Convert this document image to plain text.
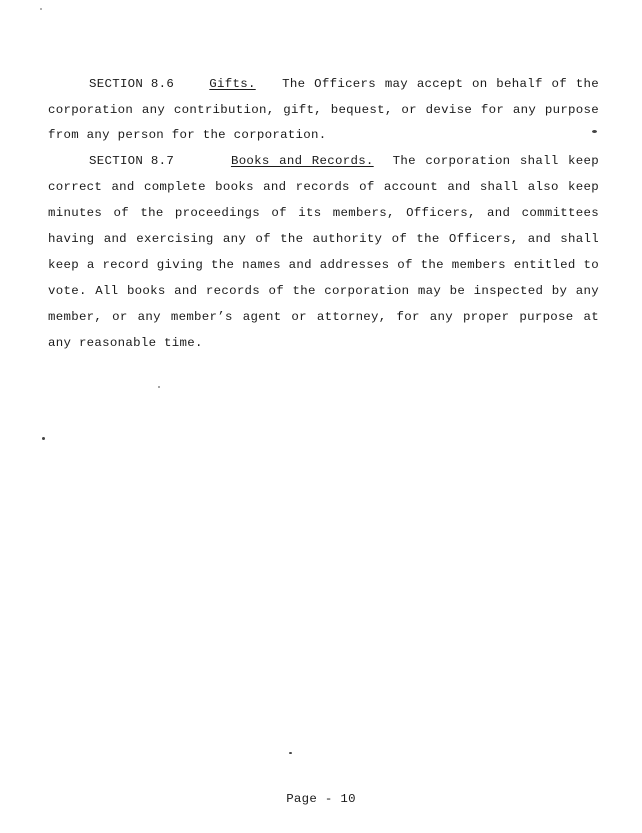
SECTION 8.6	Gifts. The Officers may accept on behalf of the
corporation any contribution, gift, bequest, or devise for any purpose
from any person for the corporation.
SECTION 8.7	Books and Records. The corporation shall keep
correct and complete books and records of account and shall also keep
minutes of the proceedings of its members, Officers, and committees
having and exercising any of the authority of the Officers, and shall
keep a record giving the names and addresses of the members entitled to
vote. All books and records of the corporation may be inspected by any
member, or any member’s agent or attorney, for any proper purpose at
any reasonable time.
Page - 10
